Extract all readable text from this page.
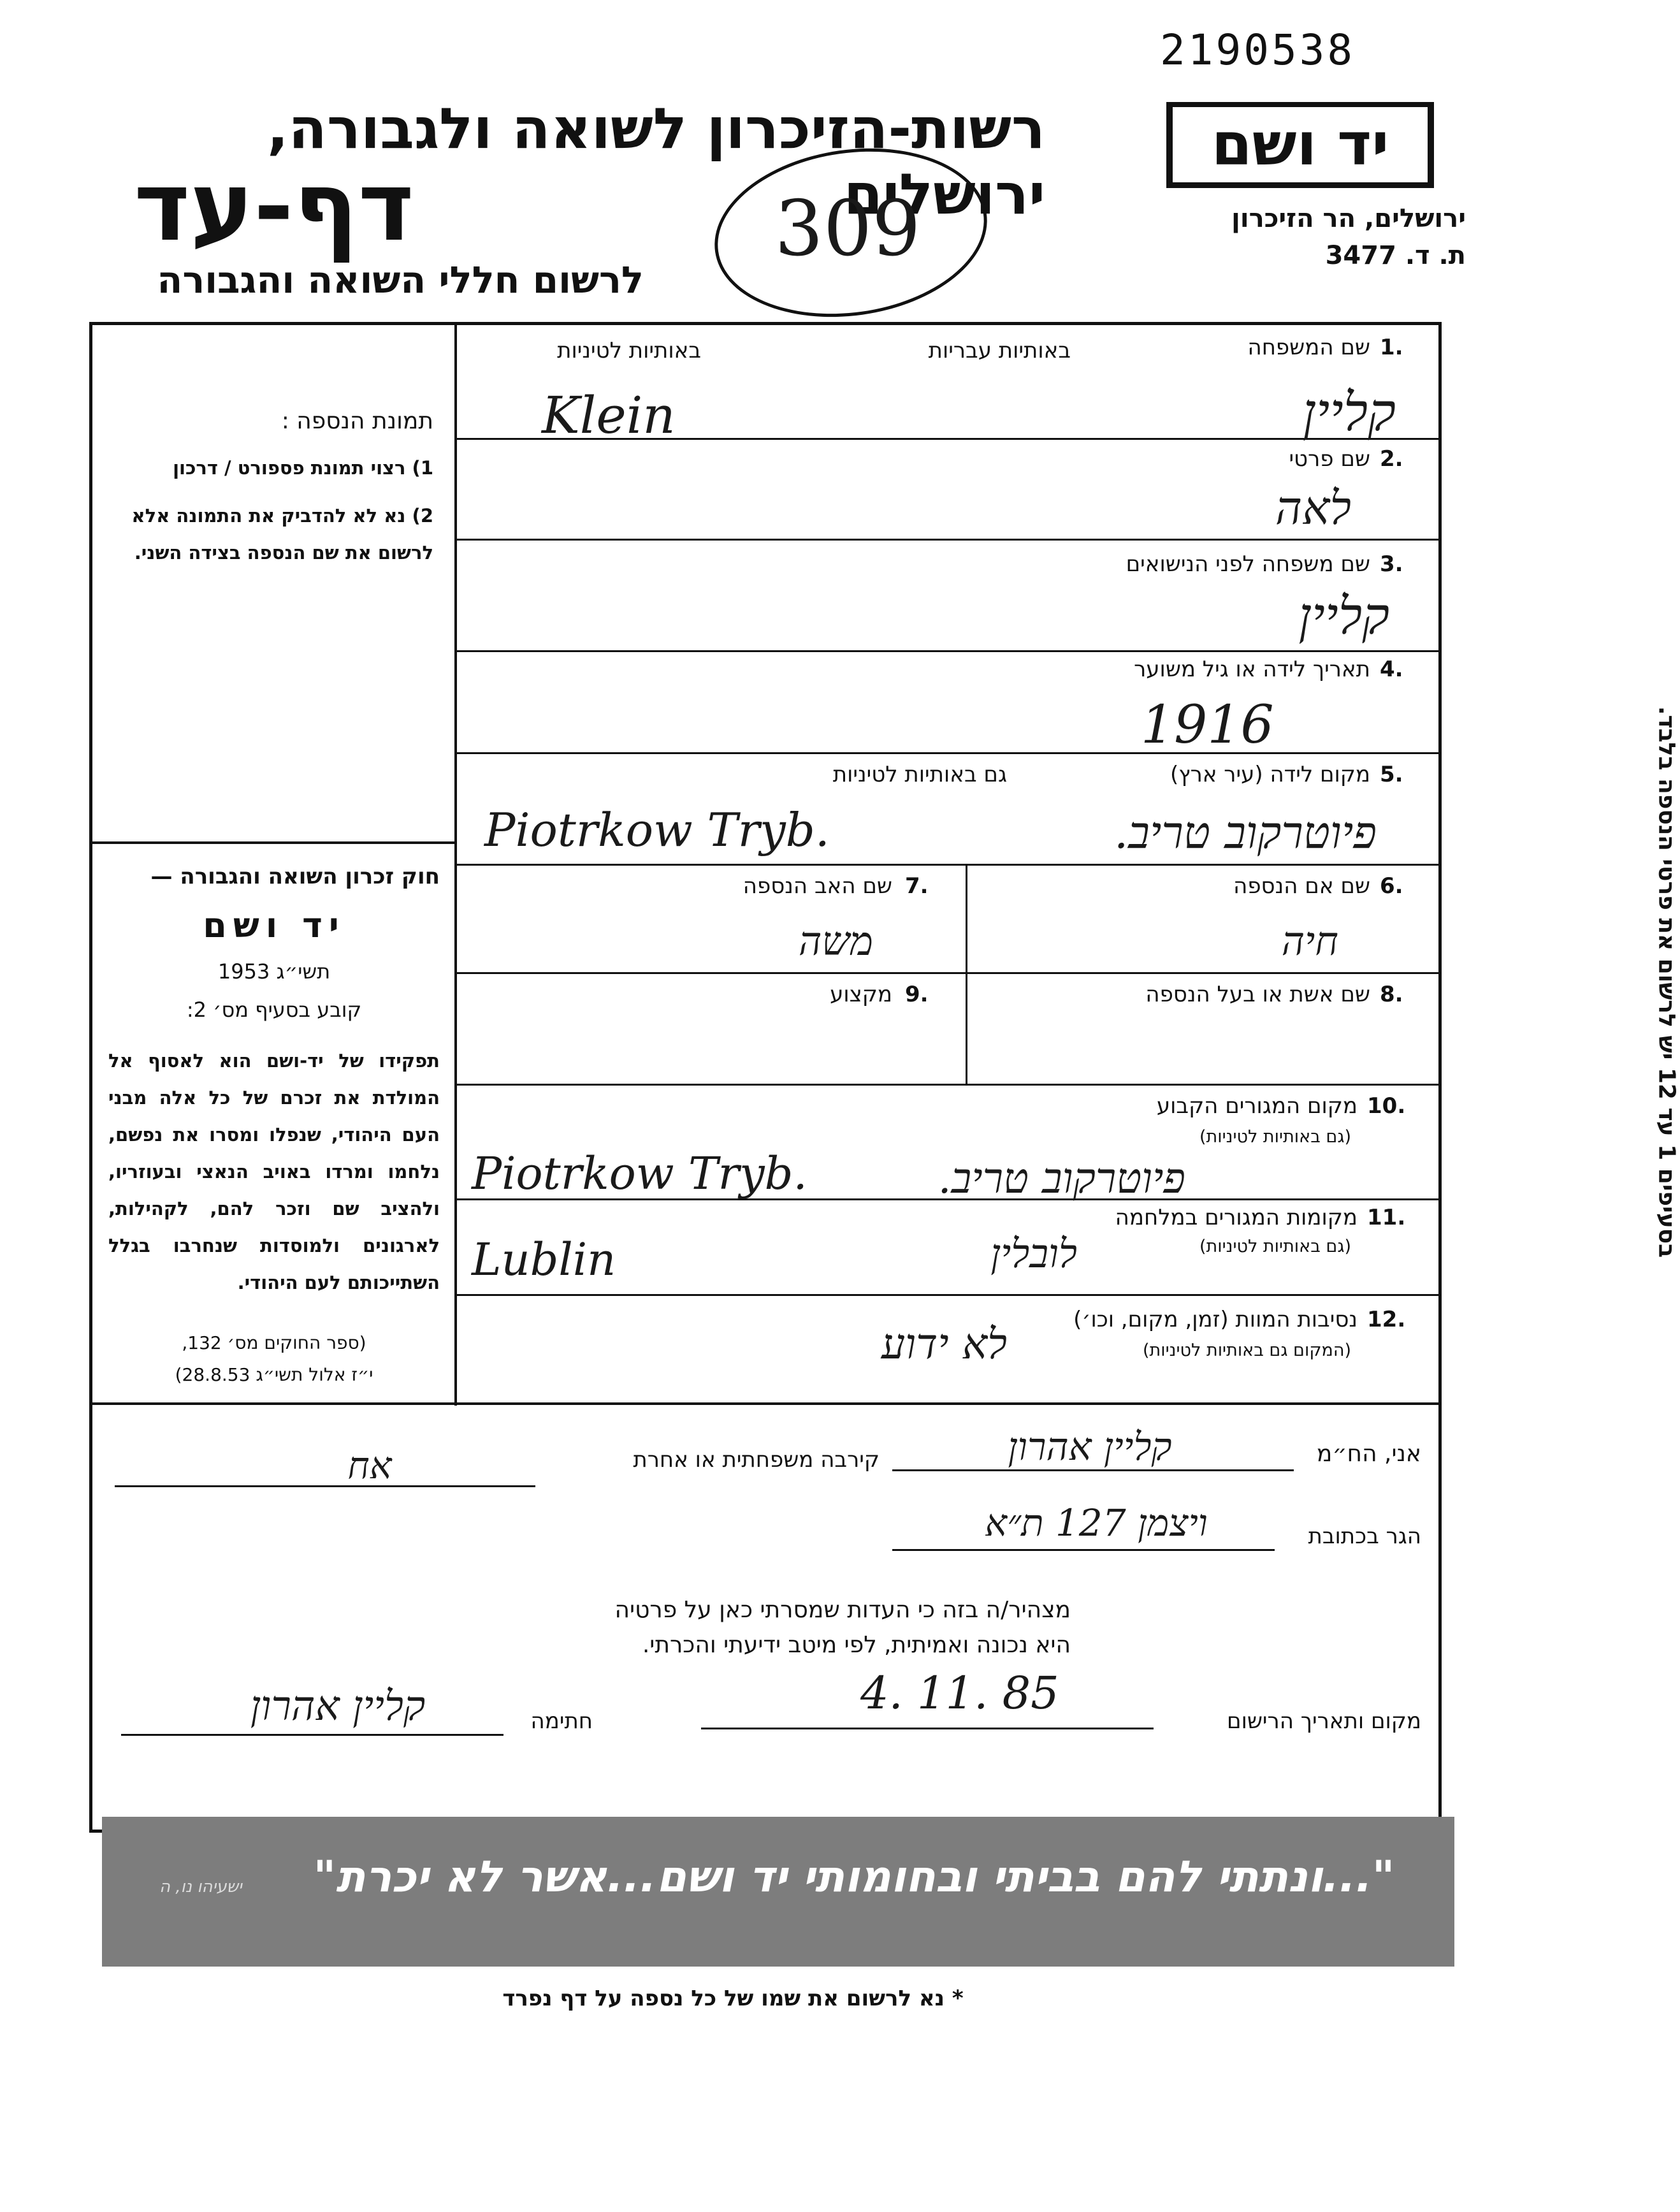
2190538
רשות-הזיכרון לשואה ולגבורה, ירושלים
דף-עד
לרשום חללי השואה והגבורה
309
יד ושם
ירושלים, הר הזיכרון
ת. ד. 3477
בסעיפים 1 עד 12 יש לרשום את פרטי הנספה בלבד.
באותיות עבריות
באותיות לטיניות	1.
שם המשפחה
Klein	קליין
2.
שם פרטי
לאה
3.
שם משפחה לפני הנישואים
קליין
4.
תאריך לידה או גיל משוער
1916
5.
מקום לידה (עיר ארץ)
גם באותיות לטיניות
Piotrkow Tryb.	פיוטרקוב טריב.
6.
שם אם הנספה
חיה
7.
שם האב הנספה
משה
8.
שם אשת או בעל הנספה
9.
מקצוע
10.
מקום המגורים הקבוע
(גם באותיות לטיניות)
Piotrkow Tryb.	פיוטרקוב טריב.
11.
מקומות המגורים במלחמה
(גם באותיות לטיניות)
Lublin	לובלין
12.
נסיבות המוות (זמן, מקום, וכו׳)
(המקום גם באותיות לטיניות)
לא ידוע
תמונת הנספה :
1) רצוי תמונת פספורט / דרכון
2) נא לא להדביק את התמונה אלא לרשום את שם הנספה בצידה השני.
חוק זכרון השואה והגבורה —
יד ושם
תשי״ג 1953
קובע בסעיף מס׳ 2:
תפקידו של יד-ושם הוא לאסוף אל המולדת את זכרם של כל אלה מבני העם היהודי, שנפלו ומסרו את נפשם, נלחמו ומרדו באויב הנאצי ובעוזריו, ולהציב שם וזכר להם, לקהילות, לארגונים ולמוסדות שנחרבו בגלל השתייכותם לעם היהודי.
(ספר החוקים מס׳ 132,
י״ז אלול תשי״ג 28.8.53)
אני, הח״מ
קליין אהרון
קירבה משפחתית או אחרת
אח
הגר בכתובת
ויצמן 127 ת״א
מצהיר/ה בזה כי העדות שמסרתי כאן על פרטיה
היא נכונה ואמיתית, לפי מיטב ידיעתי והכרתי.
מקום ותאריך הרישום
4. 11. 85
חתימה
קליין אהרון
"...ונתתי להם בביתי ובחומותי יד ושם...אשר לא יכרת"
ישעיהו נו, ה
* נא לרשום את שמו של כל נספה על דף נפרד
